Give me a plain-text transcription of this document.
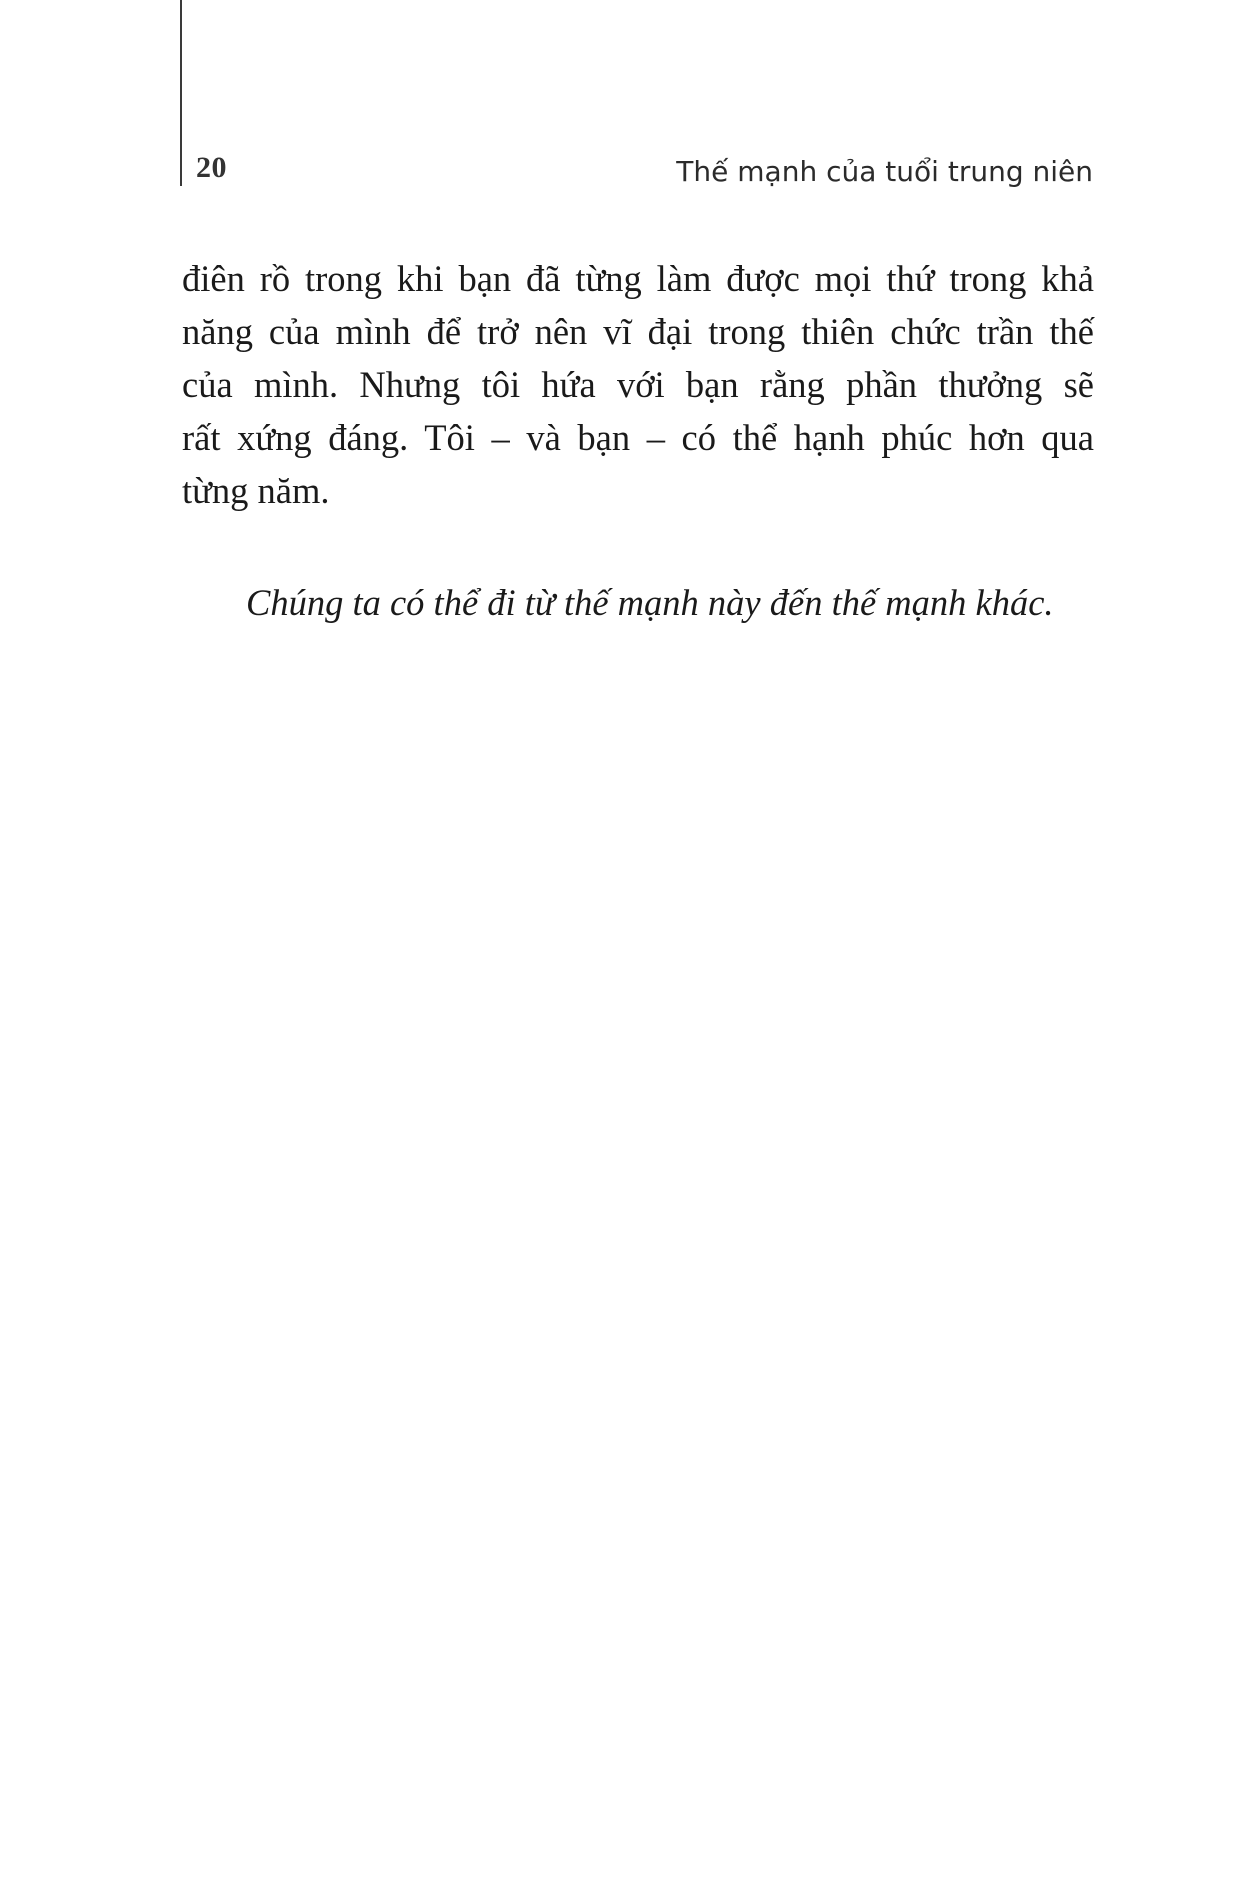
20	Thế mạnh của tuổi trung niên

điên rồ trong khi bạn đã từng làm được mọi thứ trong khả
năng của mình để trở nên vĩ đại trong thiên chức trần thế
của mình. Nhưng tôi hứa với bạn rằng phần thưởng sẽ
rất xứng đáng. Tôi – và bạn – có thể hạnh phúc hơn qua
từng năm.

Chúng ta có thể đi từ thế mạnh này đến thế mạnh khác.
